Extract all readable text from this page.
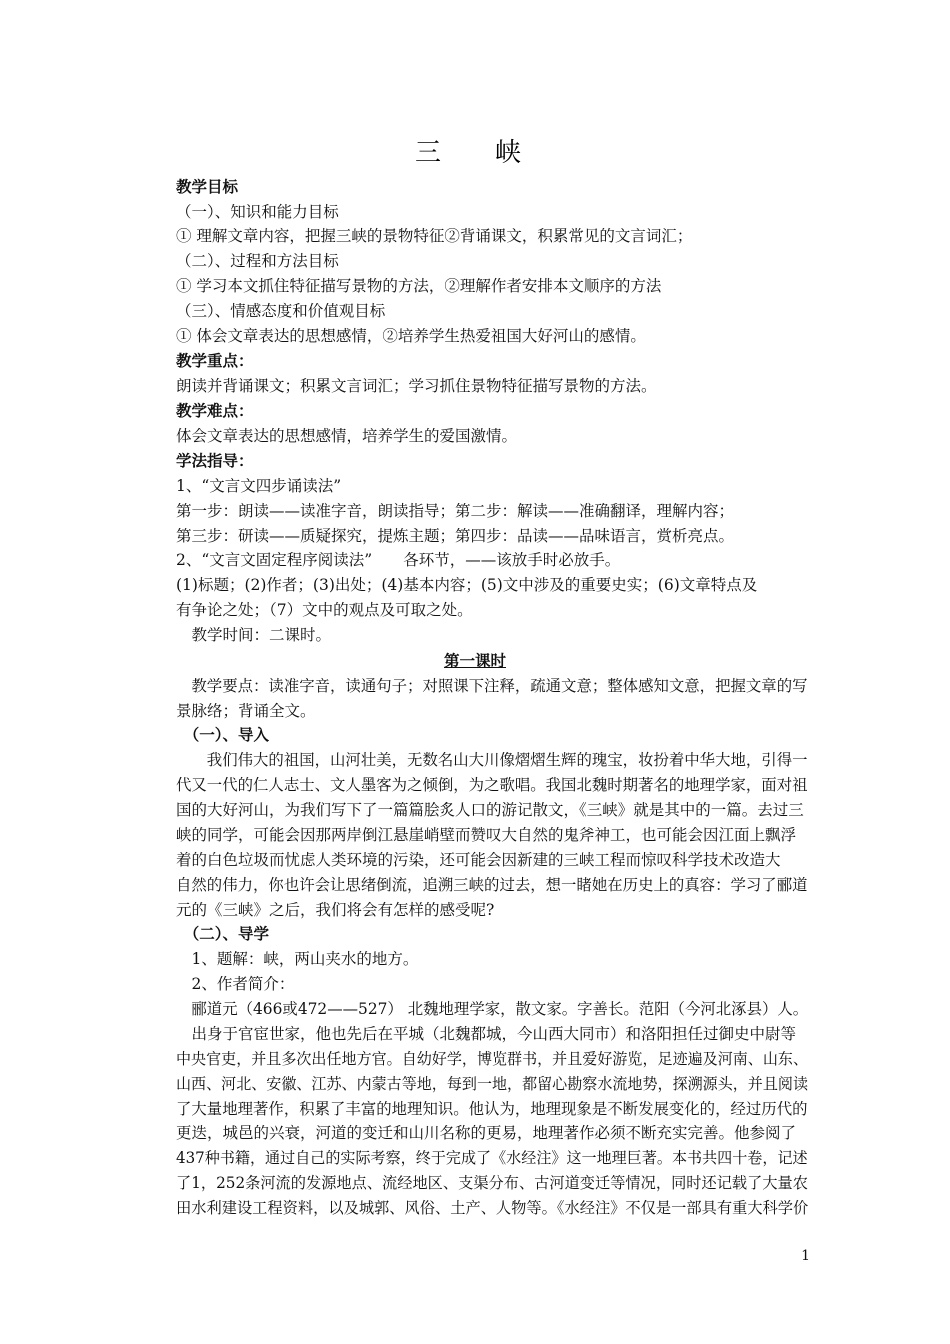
三　峡
教学目标
（一）、知识和能力目标
① 理解文章内容，把握三峡的景物特征②背诵课文，积累常见的文言词汇；
（二）、过程和方法目标
① 学习本文抓住特征描写景物的方法，②理解作者安排本文顺序的方法
（三）、情感态度和价值观目标
① 体会文章表达的思想感情，②培养学生热爱祖国大好河山的感情。
教学重点：
朗读并背诵课文；积累文言词汇；学习抓住景物特征描写景物的方法。
教学难点：
体会文章表达的思想感情，培养学生的爱国激情。
学法指导：
1、“文言文四步诵读法”
第一步：朗读——读准字音，朗读指导；第二步：解读——准确翻译，理解内容；
第三步：研读——质疑探究，提炼主题；第四步：品读——品味语言，赏析亮点。
2、“文言文固定程序阅读法”　　各环节，——该放手时必放手。
(1)标题；(2)作者；(3)出处；(4)基本内容；(5)文中涉及的重要史实；(6)文章特点及
有争论之处；（7）文中的观点及可取之处。
　教学时间：二课时。
第一课时
　教学要点：读准字音，读通句子；对照课下注释，疏通文意；整体感知文意，把握文章的写
景脉络；背诵全文。
　（一）、导入
　　我们伟大的祖国，山河壮美，无数名山大川像熠熠生辉的瑰宝，妆扮着中华大地，引得一
代又一代的仁人志士、文人墨客为之倾倒，为之歌唱。我国北魏时期著名的地理学家，面对祖
国的大好河山，为我们写下了一篇篇脍炙人口的游记散文，《三峡》就是其中的一篇。去过三
峡的同学，可能会因那两岸倒江悬崖峭壁而赞叹大自然的鬼斧神工，也可能会因江面上飘浮
着的白色垃圾而忧虑人类环境的污染，还可能会因新建的三峡工程而惊叹科学技术改造大
自然的伟力，你也许会让思绪倒流，追溯三峡的过去，想一睹她在历史上的真容：学习了郦道
元的《三峡》之后，我们将会有怎样的感受呢?
　（二）、导学
　1、题解：峡，两山夹水的地方。
　2、作者简介：
　郦道元（466或472——527） 北魏地理学家，散文家。字善长。范阳（今河北涿县）人。
　出身于官宦世家，他也先后在平城（北魏都城，今山西大同市）和洛阳担任过御史中尉等
中央官吏，并且多次出任地方官。自幼好学，博览群书，并且爱好游览，足迹遍及河南、山东、
山西、河北、安徽、江苏、内蒙古等地，每到一地，都留心勘察水流地势，探溯源头，并且阅读
了大量地理著作，积累了丰富的地理知识。他认为，地理现象是不断发展变化的，经过历代的
更迭，城邑的兴衰，河道的变迁和山川名称的更易，地理著作必须不断充实完善。他参阅了
437种书籍，通过自己的实际考察，终于完成了《水经注》这一地理巨著。本书共四十卷，记述
了1，252条河流的发源地点、流经地区、支渠分布、古河道变迁等情况，同时还记载了大量农
田水利建设工程资料，以及城郭、风俗、土产、人物等。《水经注》不仅是一部具有重大科学价
1
